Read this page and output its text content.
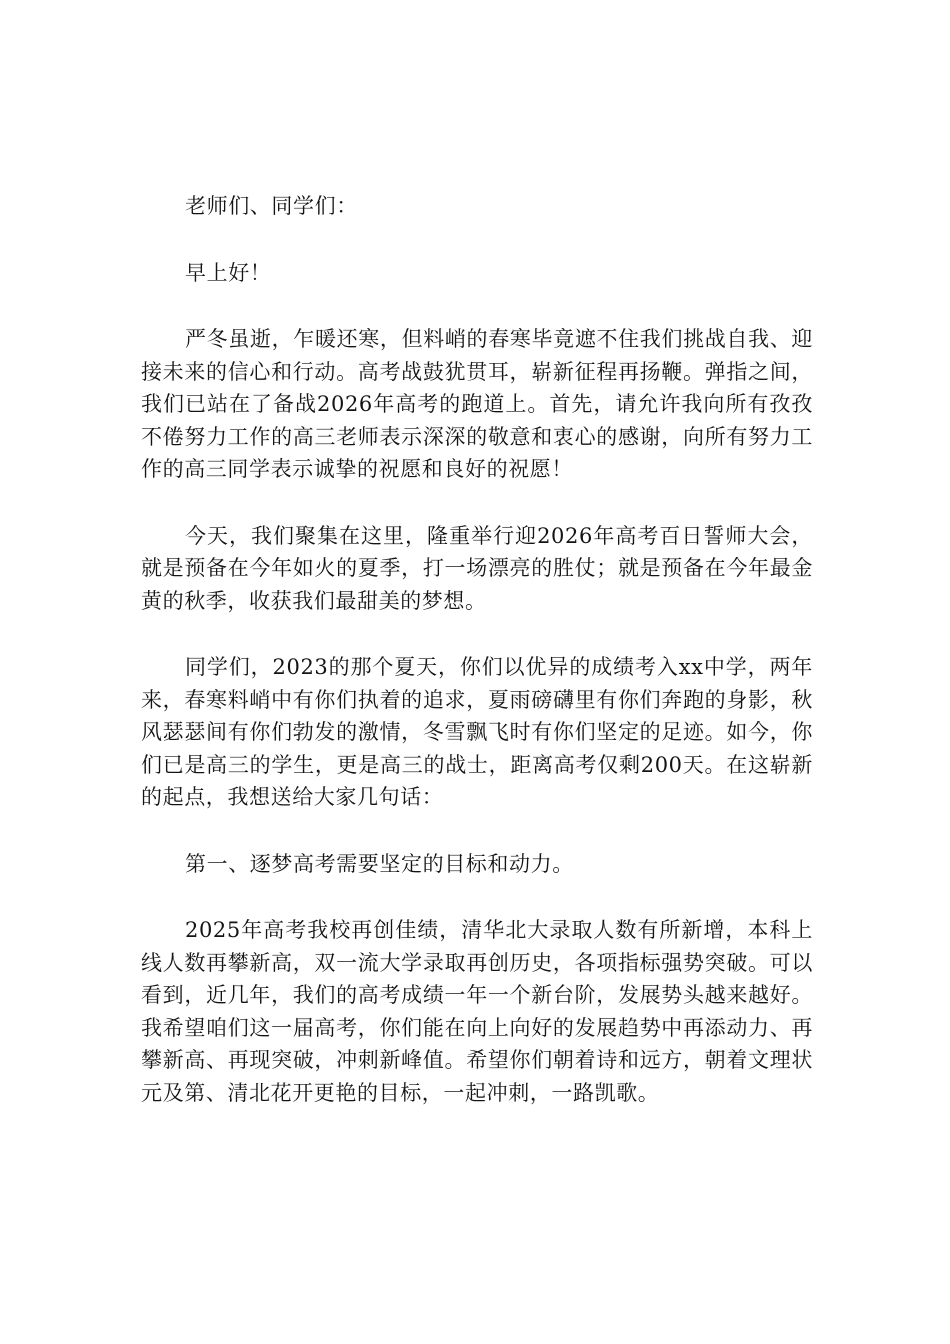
老师们、同学们：

早上好！

严冬虽逝，乍暖还寒，但料峭的春寒毕竟遮不住我们挑战自我、迎接未来的信心和行动。高考战鼓犹贯耳，崭新征程再扬鞭。弹指之间，我们已站在了备战2026年高考的跑道上。首先，请允许我向所有孜孜不倦努力工作的高三老师表示深深的敬意和衷心的感谢，向所有努力工作的高三同学表示诚挚的祝愿和良好的祝愿！

今天，我们聚集在这里，隆重举行迎2026年高考百日誓师大会，就是预备在今年如火的夏季，打一场漂亮的胜仗；就是预备在今年最金黄的秋季，收获我们最甜美的梦想。

同学们，2023的那个夏天，你们以优异的成绩考入xx中学，两年来，春寒料峭中有你们执着的追求，夏雨磅礴里有你们奔跑的身影，秋风瑟瑟间有你们勃发的激情，冬雪飘飞时有你们坚定的足迹。如今，你们已是高三的学生，更是高三的战士，距离高考仅剩200天。在这崭新的起点，我想送给大家几句话：

第一、逐梦高考需要坚定的目标和动力。

2025年高考我校再创佳绩，清华北大录取人数有所新增，本科上线人数再攀新高，双一流大学录取再创历史，各项指标强势突破。可以看到，近几年，我们的高考成绩一年一个新台阶，发展势头越来越好。我希望咱们这一届高考，你们能在向上向好的发展趋势中再添动力、再攀新高、再现突破，冲刺新峰值。希望你们朝着诗和远方，朝着文理状元及第、清北花开更艳的目标，一起冲刺，一路凯歌。
